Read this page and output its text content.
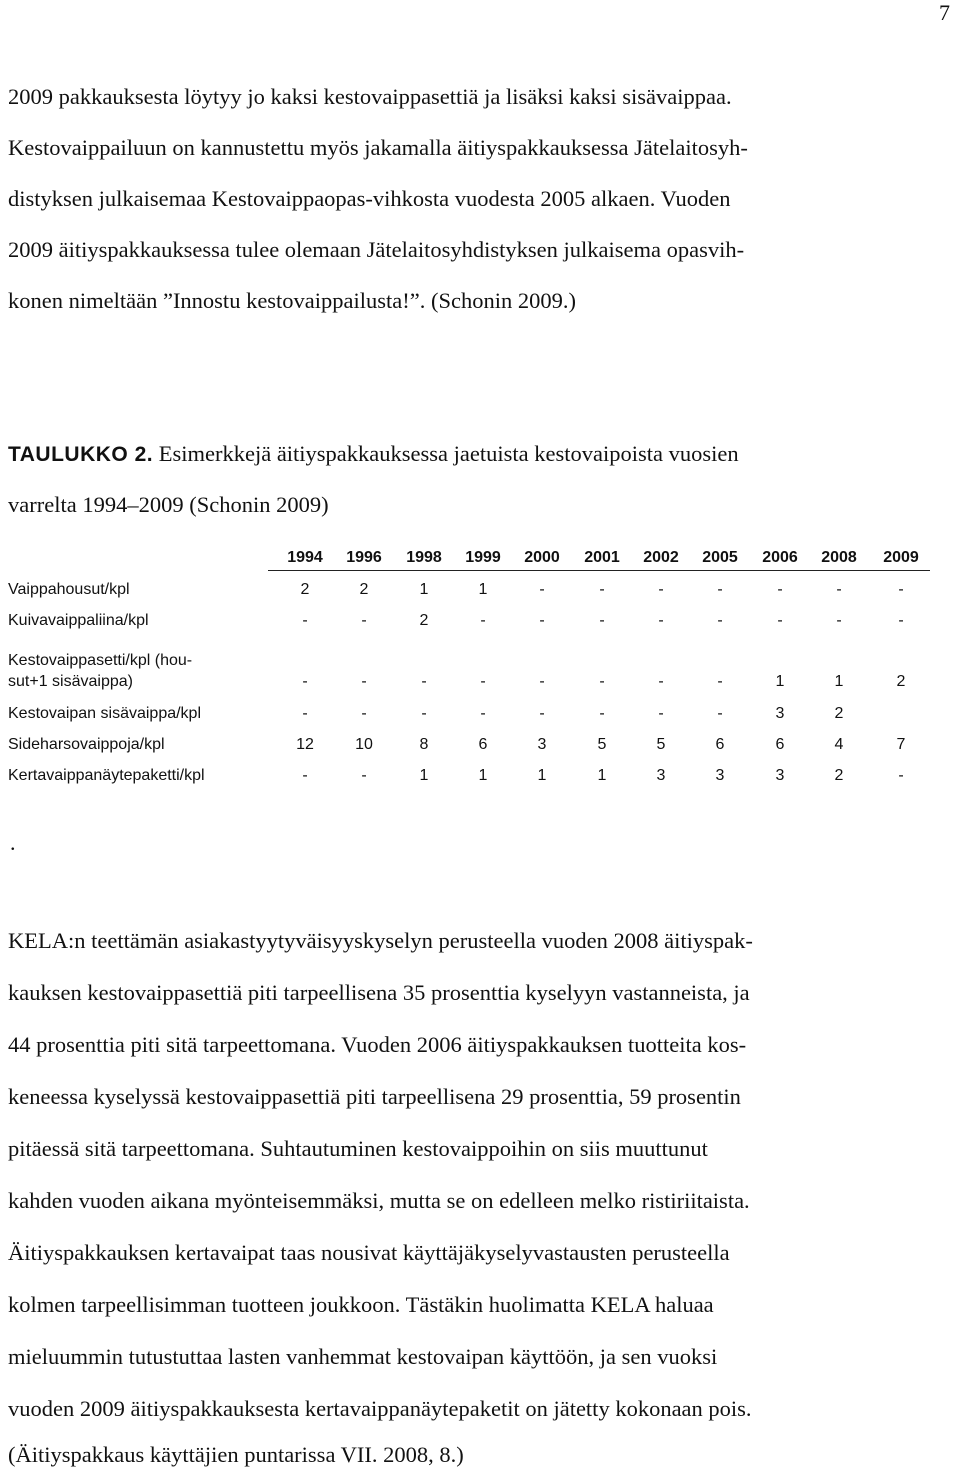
7
2009 pakkauksesta löytyy jo kaksi kestovaippasettiä ja lisäksi kaksi sisävaippaa.
Kestovaippailuun on kannustettu myös jakamalla äitiyspakkauksessa Jätelaitosyh-
distyksen julkaisemaa Kestovaippaopas-vihkosta vuodesta 2005 alkaen. Vuoden
2009 äitiyspakkauksessa tulee olemaan Jätelaitosyhdistyksen julkaisema opasvih-
konen nimeltään ”Innostu kestovaippailusta!”. (Schonin 2009.)
TAULUKKO 2. Esimerkkejä äitiyspakkauksessa jaetuista kestovaipoista vuosien
varrelta 1994–2009 (Schonin 2009)
1994 1996 1998 1999 2000 2001 2002 2005 2006 2008 2009
Vaippahousut/kpl	2	2	1	1	-	-	-	-	-	-	-
Kuivavaippaliina/kpl	-	-	2	-	-	-	-	-	-	-	-
Kestovaippasetti/kpl (hou-
sut+1 sisävaippa)	-	-	-	-	-	-	-	-	1	1	2
Kestovaipan sisävaippa/kpl	-	-	-	-	-	-	-	-	3	2
Sideharsovaippoja/kpl	12	10	8	6	3	5	5	6	6	4	7
Kertavaippanäytepaketti/kpl	-	-	1	1	1	1	3	3	3	2	-
.
KELA:n teettämän asiakastyytyväisyyskyselyn perusteella vuoden 2008 äitiyspak-
kauksen kestovaippasettiä piti tarpeellisena 35 prosenttia kyselyyn vastanneista, ja
44 prosenttia piti sitä tarpeettomana. Vuoden 2006 äitiyspakkauksen tuotteita kos-
keneessa kyselyssä kestovaippasettiä piti tarpeellisena 29 prosenttia, 59 prosentin
pitäessä sitä tarpeettomana. Suhtautuminen kestovaippoihin on siis muuttunut
kahden vuoden aikana myönteisemmäksi, mutta se on edelleen melko ristiriitaista.
Äitiyspakkauksen kertavaipat taas nousivat käyttäjäkyselyvastausten perusteella
kolmen tarpeellisimman tuotteen joukkoon. Tästäkin huolimatta KELA haluaa
mieluummin tutustuttaa lasten vanhemmat kestovaipan käyttöön, ja sen vuoksi
vuoden 2009 äitiyspakkauksesta kertavaippanäytepaketit on jätetty kokonaan pois.
(Äitiyspakkaus käyttäjien puntarissa VII. 2008, 8.)
